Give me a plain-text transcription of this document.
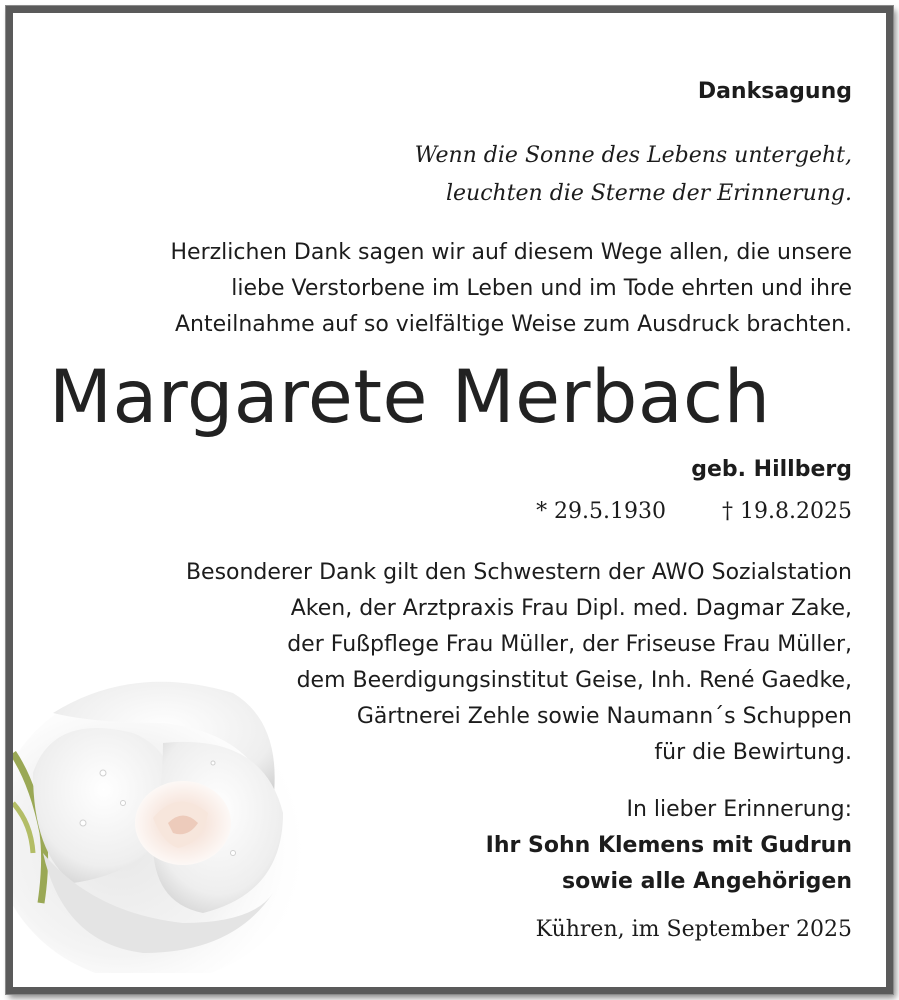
Danksagung
Wenn die Sonne des Lebens untergeht,
leuchten die Sterne der Erinnerung.
Herzlichen Dank sagen wir auf diesem Wege allen, die unsere
liebe Verstorbene im Leben und im Tode ehrten und ihre
Anteilnahme auf so vielfältige Weise zum Ausdruck brachten.
Margarete Merbach
geb. Hillberg
* 29.5.1930	† 19.8.2025
Besonderer Dank gilt den Schwestern der AWO Sozialstation
Aken, der Arztpraxis Frau Dipl. med. Dagmar Zake,
der Fußpflege Frau Müller, der Friseuse Frau Müller,
dem Beerdigungsinstitut Geise, Inh. René Gaedke,
Gärtnerei Zehle sowie Naumann´s Schuppen
für die Bewirtung.
In lieber Erinnerung:
Ihr Sohn Klemens mit Gudrun
sowie alle Angehörigen
Kühren, im September 2025
